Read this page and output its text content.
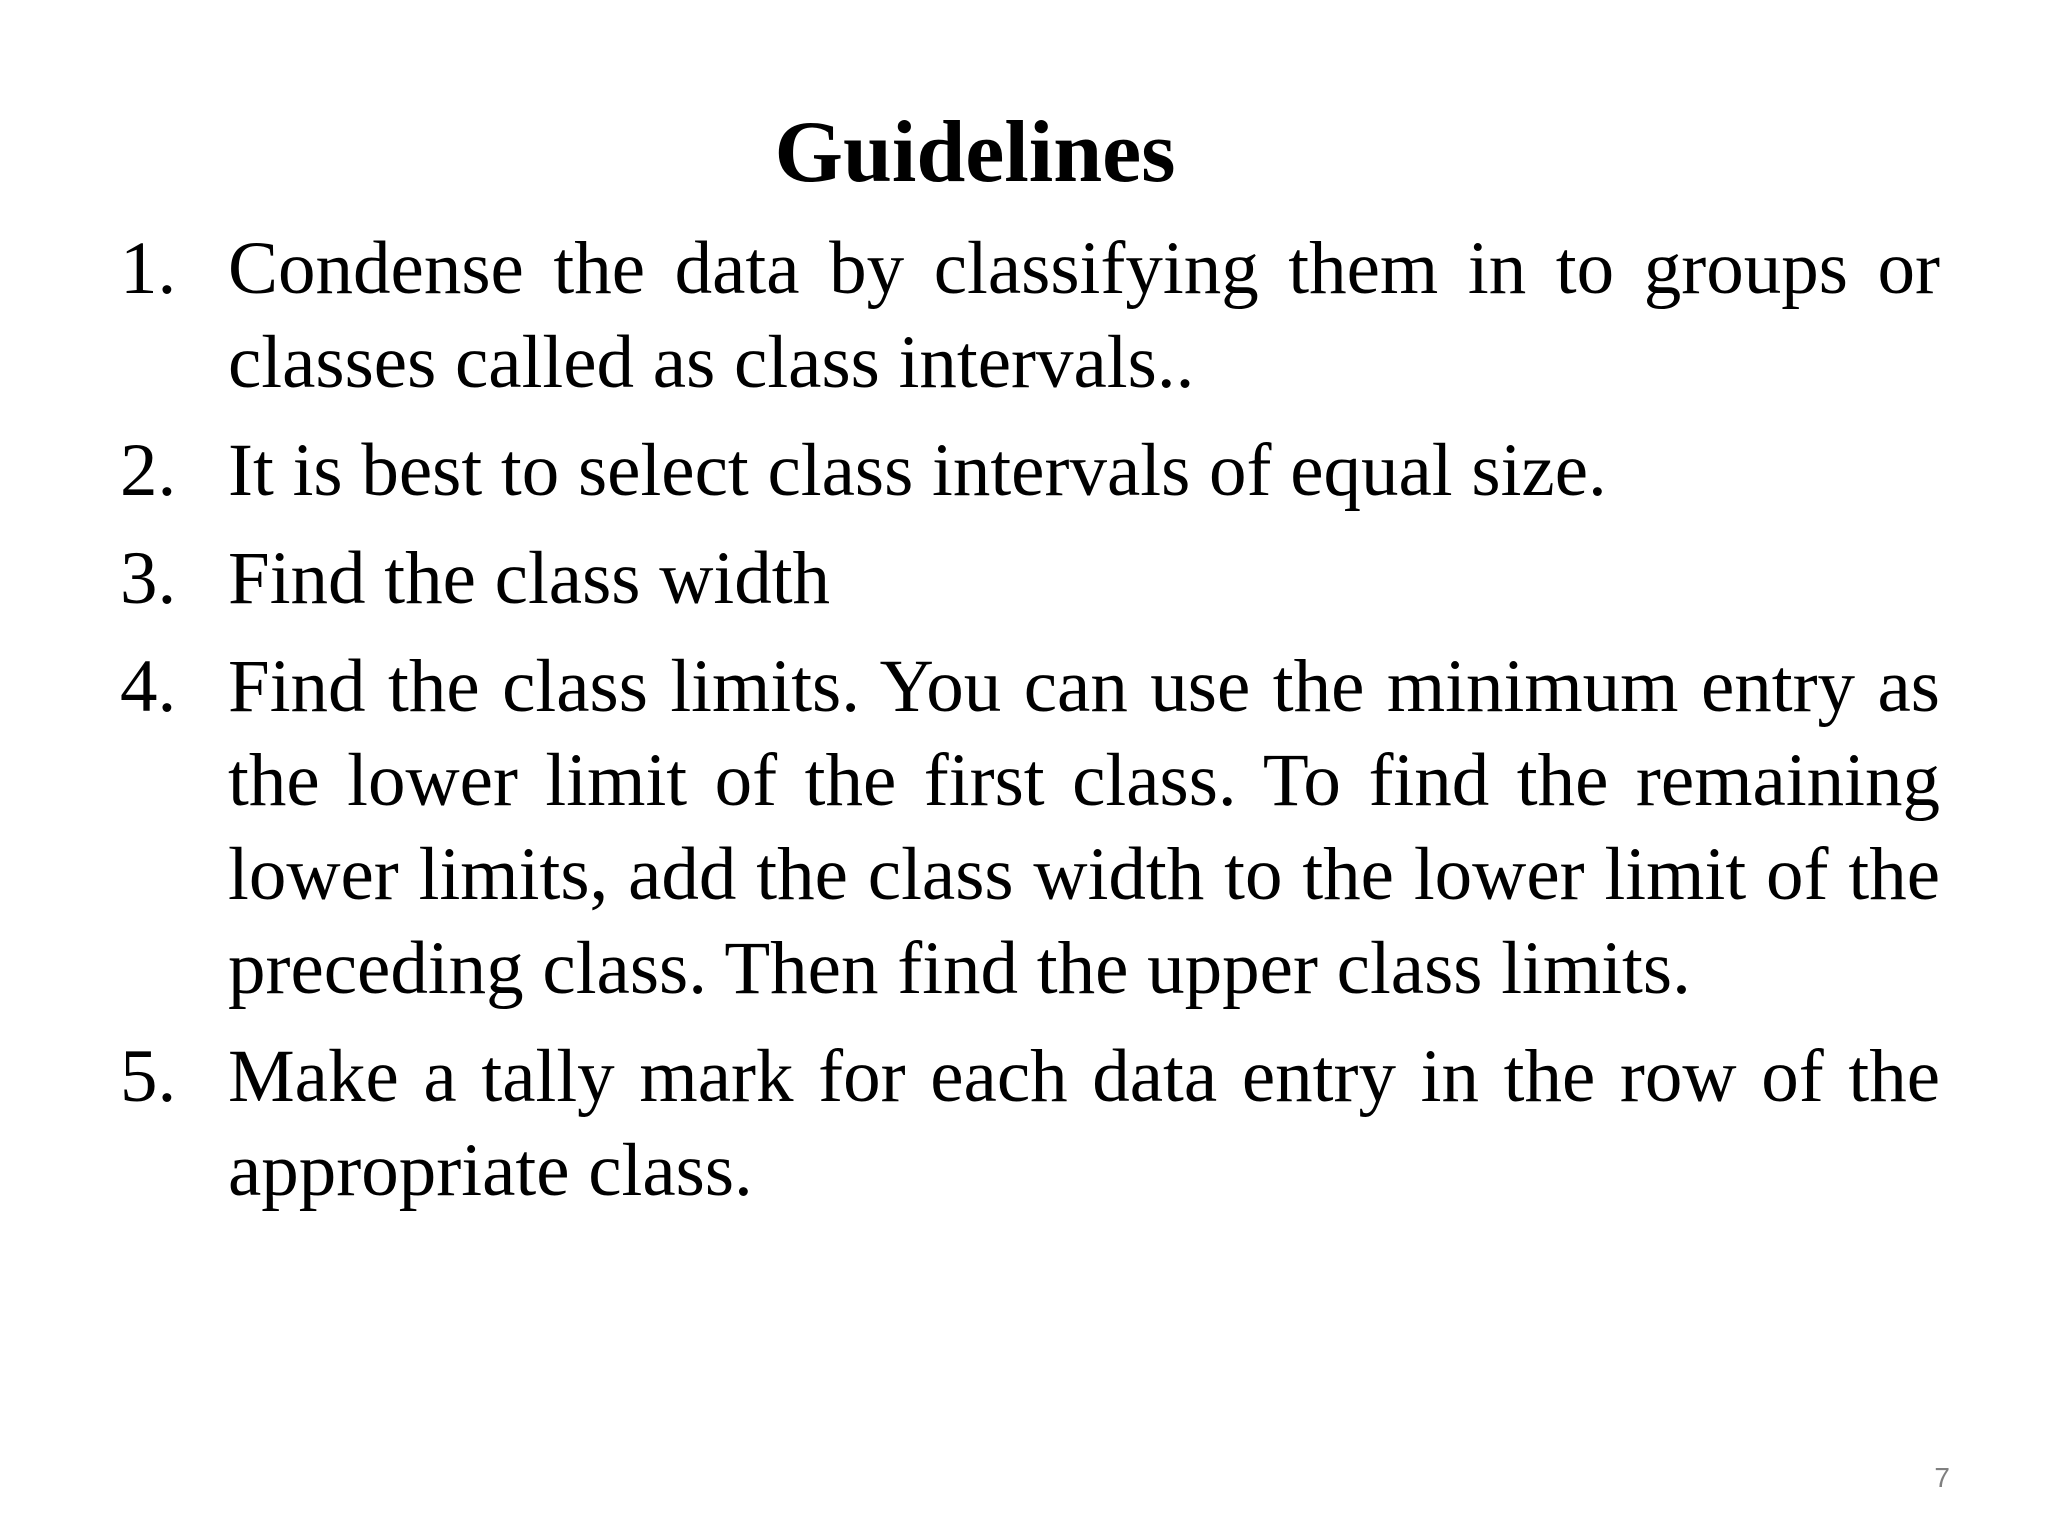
Guidelines
1. Condense the data by classifying them in to groups or classes called as class intervals..
2. It is best to select class intervals of equal size.
3. Find the class width
4. Find the class limits. You can use the minimum entry as the lower limit of the first class. To find the remaining lower limits, add the class width to the lower limit of the preceding class. Then find the upper class limits.
5. Make a tally mark for each data entry in the row of the appropriate class.
7
